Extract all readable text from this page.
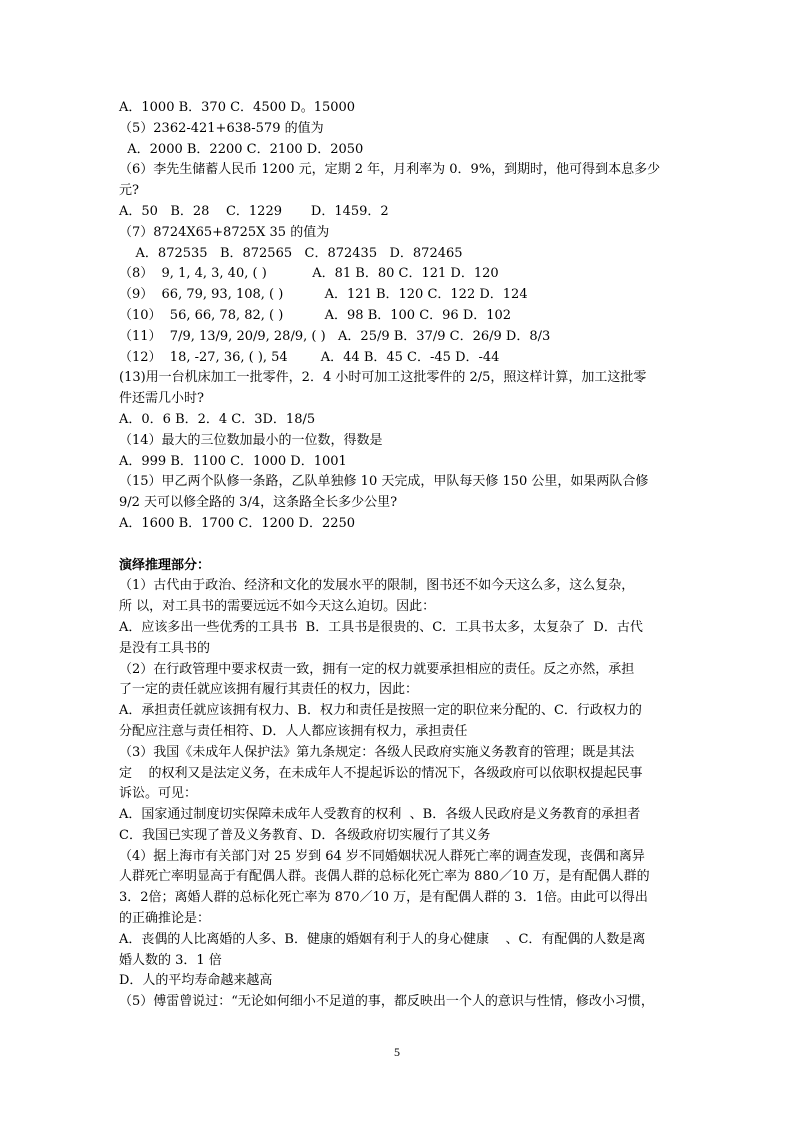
A．1000 B．370 C．4500 D。15000
（5）2362-421+638-579 的值为
A．2000 B．2200 C．2100 D．2050
（6）李先生储蓄人民币 1200 元，定期 2 年，月利率为 0．9%，到期时，他可得到本息多少
元?
A．50   B．28    C．1229       D．1459．2
（7）8724X65+8725X 35 的值为
A．872535   B．872565   C．872435   D．872465
（8）  9, 1, 4, 3, 40, ( )           A．81 B．80 C．121 D．120
（9）  66, 79, 93, 108, ( )          A．121 B．120 C．122 D．124
（10）  56, 66, 78, 82, ( )          A．98 B．100 C．96 D．102
（11）  7/9, 13/9, 20/9, 28/9, ( )   A．25/9 B．37/9 C．26/9 D．8/3
（12）  18, -27, 36, ( ), 54        A．44 B．45 C．-45 D．-44
(13)用一台机床加工一批零件，2．4 小时可加工这批零件的 2/5，照这样计算，加工这批零
件还需几小时?
A．0．6 B．2．4 C．3D．18/5
（14）最大的三位数加最小的一位数，得数是
A．999 B．1100 C．1000 D．1001
（15）甲乙两个队修一条路，乙队单独修 10 天完成，甲队每天修 150 公里，如果两队合修
9/2 天可以修全路的 3/4，这条路全长多少公里?
A．1600 B．1700 C．1200 D．2250
演绎推理部分：
（1）古代由于政治、经济和文化的发展水平的限制，图书还不如今天这么多，这么复杂，
所 以，对工具书的需要远远不如今天这么迫切。因此：
A．应该多出一些优秀的工具书  B．工具书是很贵的、C．工具书太多，太复杂了  D．古代
是没有工具书的
（2）在行政管理中要求权责一致，拥有一定的权力就要承担相应的责任。反之亦然，承担
了一定的责任就应该拥有履行其责任的权力，因此：
A．承担责任就应该拥有权力、B．权力和责任是按照一定的职位来分配的、C．行政权力的
分配应注意与责任相符、D．人人都应该拥有权力，承担责任
（3）我国《未成年人保护法》第九条规定：各级人民政府实施义务教育的管理；既是其法
定    的权利又是法定义务，在未成年人不提起诉讼的情况下，各级政府可以依职权提起民事
诉讼。可见：
A．国家通过制度切实保障未成年人受教育的权利  、B．各级人民政府是义务教育的承担者
C．我国已实现了普及义务教育、D．各级政府切实履行了其义务
（4）据上海市有关部门对 25 岁到 64 岁不同婚姻状况人群死亡率的调查发现，丧偶和离异
人群死亡率明显高于有配偶人群。丧偶人群的总标化死亡率为 880／10 万，是有配偶人群的
3．2倍；离婚人群的总标化死亡率为 870／10 万，是有配偶人群的 3．1倍。由此可以得出
的正确推论是：
A．丧偶的人比离婚的人多、B．健康的婚姻有利于人的身心健康    、C．有配偶的人数是离
婚人数的 3．1 倍
D．人的平均寿命越来越高
（5）傅雷曾说过：“无论如何细小不足道的事，都反映出一个人的意识与性情，修改小习惯，
5
